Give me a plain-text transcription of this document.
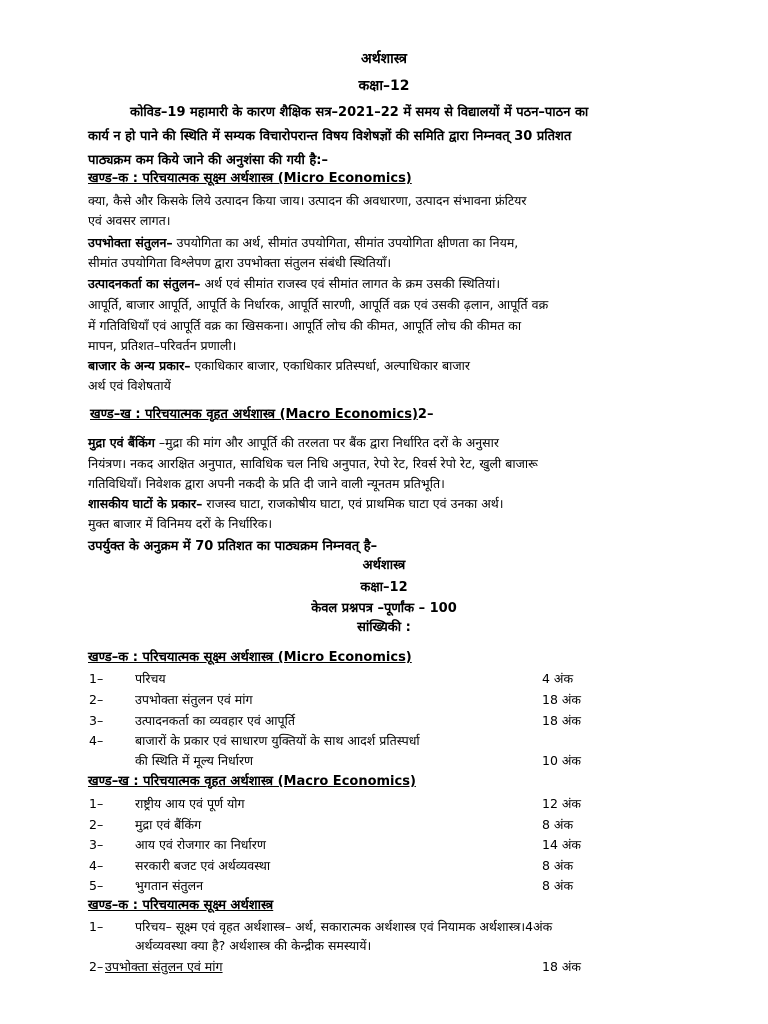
अर्थशास्त्र
कक्षा–12
कोविड–19 महामारी के कारण शैक्षिक सत्र–2021–22 में समय से विद्यालयों में पठन–पाठन का
कार्य न हो पाने की स्थिति में सम्यक विचारोपरान्त विषय विशेषज्ञों की समिति द्वारा निम्नवत् 30 प्रतिशत
पाठ्यक्रम कम किये जाने की अनुशंसा की गयी है:–
खण्ड–क : परिचयात्मक सूक्ष्म अर्थशास्त्र (Micro Economics)
क्या, कैसे और किसके लिये उत्पादन किया जाय। उत्पादन की अवधारणा, उत्पादन संभावना फ्रंटियर
एवं अवसर लागत।
उपभोक्ता संतुलन– उपयोगिता का अर्थ, सीमांत उपयोगिता, सीमांत उपयोगिता क्षीणता का नियम,
सीमांत उपयोगिता विश्लेपण द्वारा उपभोक्ता संतुलन संबंधी स्थितियाँ।
उत्पादनकर्ता का संतुलन– अर्थ एवं सीमांत राजस्व एवं सीमांत लागत के क्रम उसकी स्थितियां।
आपूर्ति, बाजार आपूर्ति, आपूर्ति के निर्धारक, आपूर्ति सारणी, आपूर्ति वक्र एवं उसकी ढ़लान, आपूर्ति वक्र
में गतिविधियाँ एवं आपूर्ति वक्र का खिसकना। आपूर्ति लोच की कीमत, आपूर्ति लोच की कीमत का
मापन, प्रतिशत–परिवर्तन प्रणाली।
बाजार के अन्य प्रकार– एकाधिकार बाजार, एकाधिकार प्रतिस्पर्धा, अल्पाधिकार बाजार
अर्थ एवं विशेषतायें
खण्ड–ख : परिचयात्मक वृहत अर्थशास्त्र (Macro Economics)2–
मुद्रा एवं बैंकिंग –मुद्रा की मांग और आपूर्ति की तरलता पर बैंक द्वारा निर्धारित दरों के अनुसार
नियंत्रण। नकद आरक्षित अनुपात, साविधिक चल निधि अनुपात, रेपो रेट, रिवर्स रेपो रेट, खुली बाजारू
गतिविधियाँ। निवेशक द्वारा अपनी नकदी के प्रति दी जाने वाली न्यूनतम प्रतिभूति।
शासकीय घाटों के प्रकार– राजस्व घाटा, राजकोषीय घाटा, एवं प्राथमिक घाटा एवं उनका अर्थ।
मुक्त बाजार में विनिमय दरों के निर्धारिक।
उपर्युक्त के अनुक्रम में 70 प्रतिशत का पाठ्यक्रम निम्नवत् है–
अर्थशास्त्र
कक्षा–12
केवल प्रश्नपत्र –पूर्णांक – 100
सांख्यिकी :
खण्ड–क : परिचयात्मक सूक्ष्म अर्थशास्त्र (Micro Economics)
1–	परिचय	4 अंक
2–	उपभोक्ता संतुलन एवं मांग	18 अंक
3–	उत्पादनकर्ता का व्यवहार एवं आपूर्ति	18 अंक
4–	बाजारों के प्रकार एवं साधारण युक्तियों के साथ आदर्श प्रतिस्पर्धा
की स्थिति में मूल्य निर्धारण	10 अंक
खण्ड–ख : परिचयात्मक वृहत अर्थशास्त्र (Macro Economics)
1–	राष्ट्रीय आय एवं पूर्ण योग	12 अंक
2–	मुद्रा एवं बैंकिंग	8 अंक
3–	आय एवं रोजगार का निर्धारण	14 अंक
4–	सरकारी बजट एवं अर्थव्यवस्था	8 अंक
5–	भुगतान संतुलन	8 अंक
खण्ड–क : परिचयात्मक सूक्ष्म अर्थशास्त्र
1–	परिचय– सूक्ष्म एवं वृहत अर्थशास्त्र– अर्थ, सकारात्मक अर्थशास्त्र एवं नियामक अर्थशास्त्र।4अंक
अर्थव्यवस्था क्या है? अर्थशास्त्र की केन्द्रीक समस्यायें।
2– उपभोक्ता संतुलन एवं मांग	18 अंक
